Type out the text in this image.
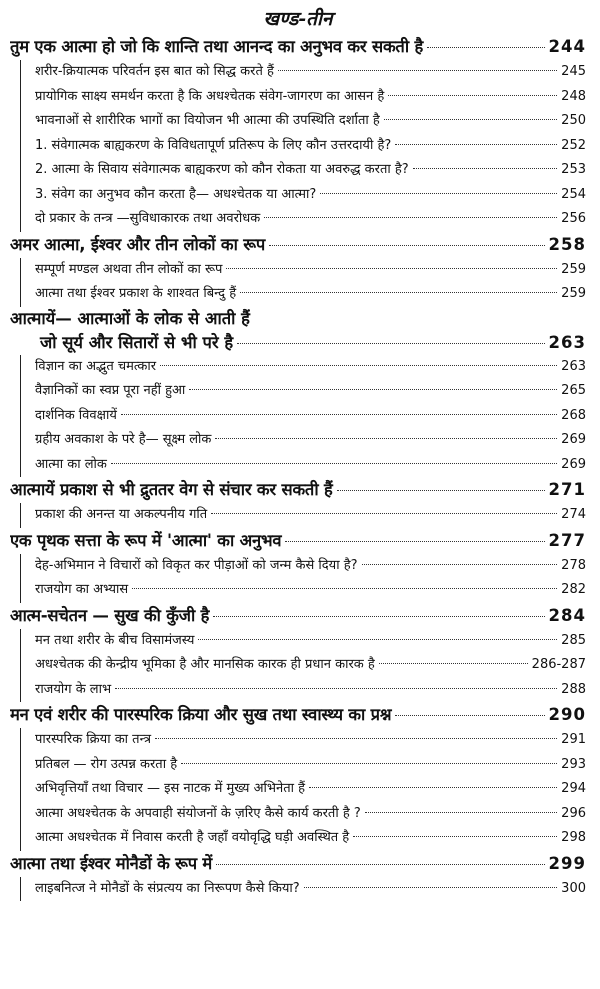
खण्ड-तीन
तुम एक आत्मा हो जो कि शान्ति तथा आनन्द का अनुभव कर सकती है	244
शरीर-क्रियात्मक परिवर्तन इस बात को सिद्ध करते हैं	245
प्रायोगिक साक्ष्य समर्थन करता है कि अधश्चेतक संवेग-जागरण का आसन है	248
भावनाओं से शारीरिक भागों का वियोजन भी आत्मा की उपस्थिति दर्शाता है	250
1. संवेगात्मक बाह्यकरण के विविधतापूर्ण प्रतिरूप के लिए कौन उत्तरदायी है?	252
2. आत्मा के सिवाय संवेगात्मक बाह्यकरण को कौन रोकता या अवरुद्ध करता है?	253
3. संवेग का अनुभव कौन करता है— अधश्चेतक या आत्मा?	254
दो प्रकार के तन्त्र —सुविधाकारक तथा अवरोधक	256
अमर आत्मा, ईश्वर और तीन लोकों का रूप	258
सम्पूर्ण मण्डल अथवा तीन लोकों का रूप	259
आत्मा तथा ईश्वर प्रकाश के शाश्वत बिन्दु हैं	259
आत्मायें— आत्माओं के लोक से आती हैं
जो सूर्य और सितारों से भी परे है	263
विज्ञान का अद्भुत चमत्कार	263
वैज्ञानिकों का स्वप्न पूरा नहीं हुआ	265
दार्शनिक विवक्षायें	268
ग्रहीय अवकाश के परे है— सूक्ष्म लोक	269
आत्मा का लोक	269
आत्मायें प्रकाश से भी द्रुततर वेग से संचार कर सकती हैं	271
प्रकाश की अनन्त या अकल्पनीय गति	274
एक पृथक सत्ता के रूप में 'आत्मा' का अनुभव	277
देह-अभिमान ने विचारों को विकृत कर पीड़ाओं को जन्म कैसे दिया है?	278
राजयोग का अभ्यास	282
आत्म-सचेतन — सुख की कुँजी है	284
मन तथा शरीर के बीच विसामंजस्य	285
अधश्चेतक की केन्द्रीय भूमिका है और मानसिक कारक ही प्रधान कारक है	286-287
राजयोग के लाभ	288
मन एवं शरीर की पारस्परिक क्रिया और सुख तथा स्वास्थ्य का प्रश्न	290
पारस्परिक क्रिया का तन्त्र	291
प्रतिबल — रोग उत्पन्न करता है	293
अभिवृत्तियाँ तथा विचार — इस नाटक में मुख्य अभिनेता हैं	294
आत्मा अधश्चेतक के अपवाही संयोजनों के ज़रिए कैसे कार्य करती है ?	296
आत्मा अधश्चेतक में निवास करती है जहाँ वयोवृद्धि घड़ी अवस्थित है	298
आत्मा तथा ईश्वर मोनैडों के रूप में	299
लाइबनित्ज ने मोनैडों के संप्रत्यय का निरूपण कैसे किया?	300
